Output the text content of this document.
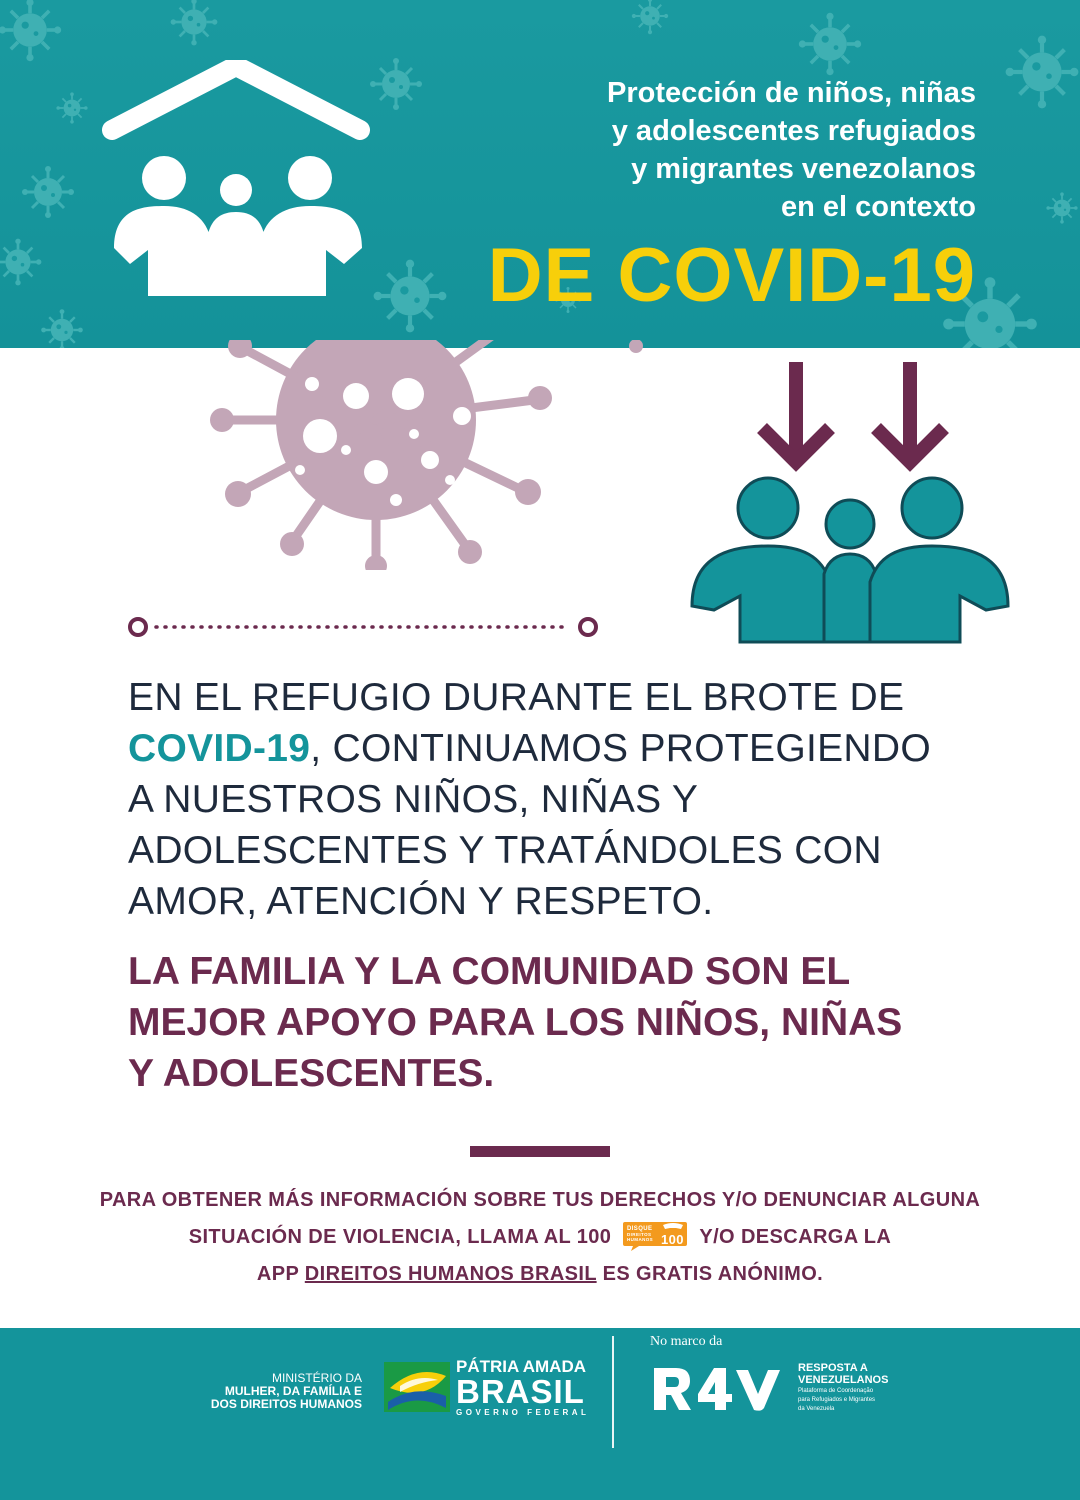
Protección de niños, niñas
y adolescentes refugiados
y migrantes venezolanos
en el contexto
DE COVID-19
EN EL REFUGIO DURANTE EL BROTE DE
COVID-19, CONTINUAMOS PROTEGIENDO
A NUESTROS NIÑOS, NIÑAS Y
ADOLESCENTES Y TRATÁNDOLES CON
AMOR, ATENCIÓN Y RESPETO.
LA FAMILIA Y LA COMUNIDAD SON EL
MEJOR APOYO PARA LOS NIÑOS, NIÑAS
Y ADOLESCENTES.
PARA OBTENER MÁS INFORMACIÓN SOBRE TUS DERECHOS Y/O DENUNCIAR ALGUNA
SITUACIÓN DE VIOLENCIA, LLAMA AL 100	DISQUE
DIREITOS
HUMANOS 100 Y/O DESCARGA LA
APP DIREITOS HUMANOS BRASIL ES GRATIS ANÓNIMO.
MINISTÉRIO DA
MULHER, DA FAMÍLIA E
DOS DIREITOS HUMANOS
PÁTRIA AMADA
BRASIL
GOVERNO FEDERAL
No marco da
RESPOSTA A
VENEZUELANOS
Plataforma de Coordenação
para Refugiados e Migrantes
da Venezuela
